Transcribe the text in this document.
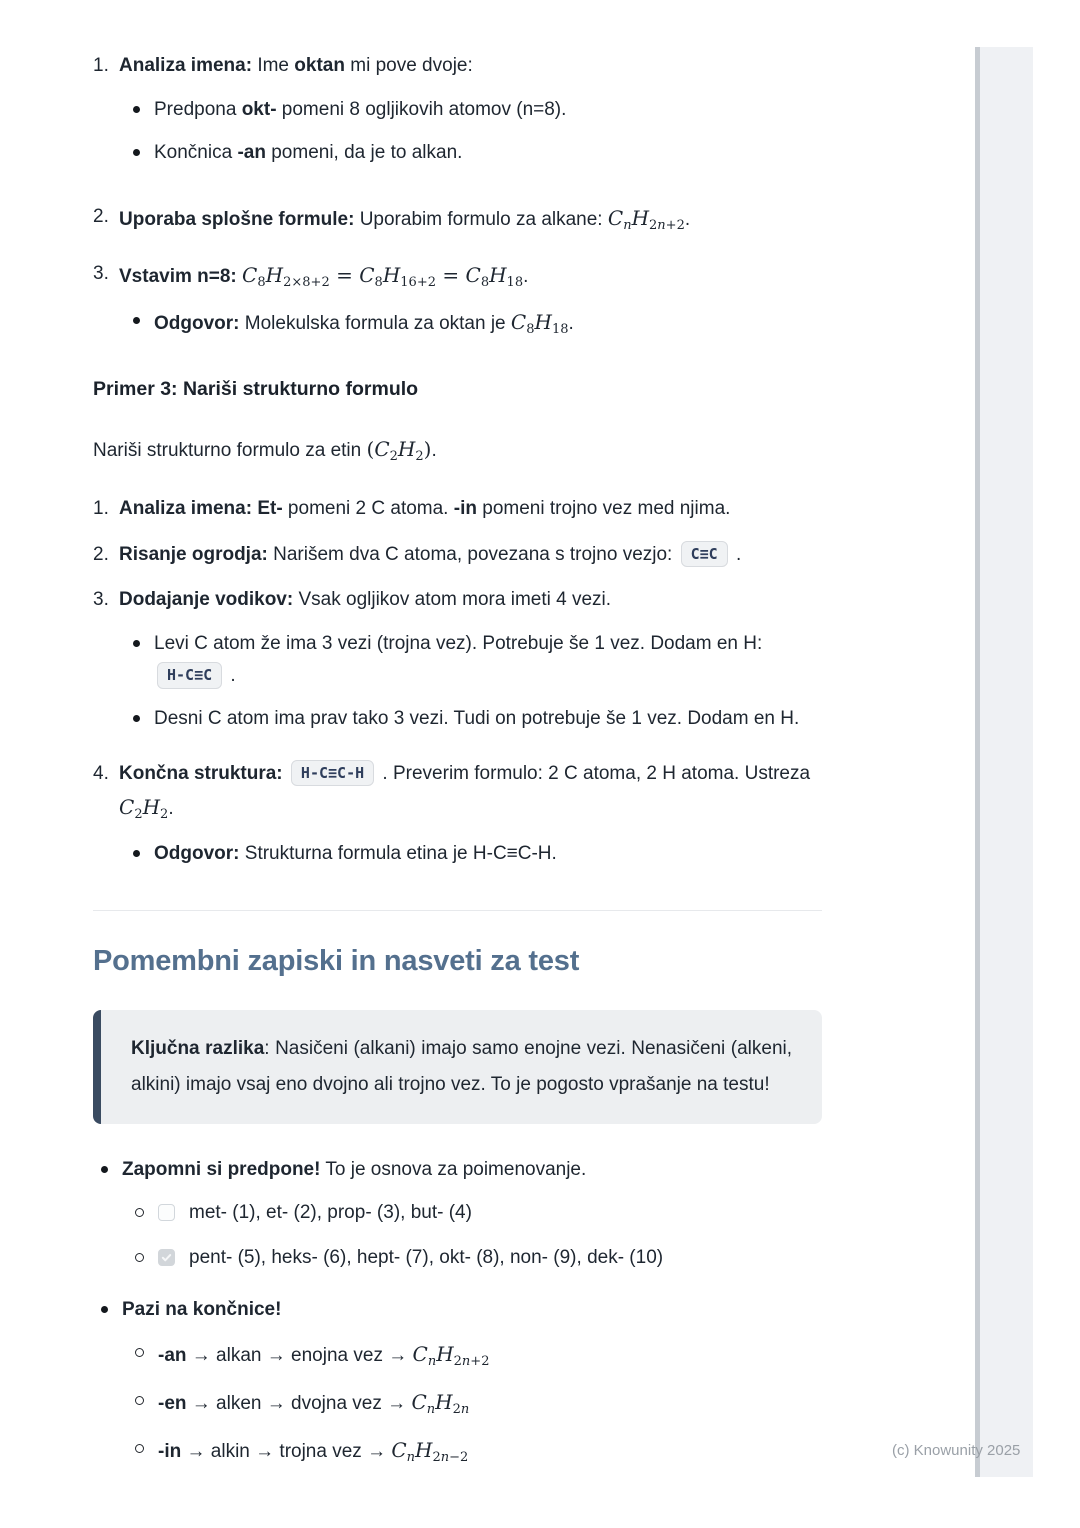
1. Analiza imena: Ime oktan mi pove dvoje:
Predpona okt- pomeni 8 ogljikovih atomov (n=8).
Končnica -an pomeni, da je to alkan.
2. Uporaba splošne formule: Uporabim formulo za alkane: $C_nH_{2n+2}$.
3. Vstavim n=8: $C_8H_{2\times 8+2} = C_8H_{16+2} = C_8H_{18}$.
Odgovor: Molekulska formula za oktan je $C_8H_{18}$.
Primer 3: Nariši strukturno formulo
Nariši strukturno formulo za etin $(C_2H_2)$.
1. Analiza imena: Et- pomeni 2 C atoma. -in pomeni trojno vez med njima.
2. Risanje ogrodja: Narišem dva C atoma, povezana s trojno vezjo: C≡C .
3. Dodajanje vodikov: Vsak ogljikov atom mora imeti 4 vezi.
Levi C atom že ima 3 vezi (trojna vez). Potrebuje še 1 vez. Dodam en H: H-C≡C .
Desni C atom ima prav tako 3 vezi. Tudi on potrebuje še 1 vez. Dodam en H.
4. Končna struktura: H-C≡C-H . Preverim formulo: 2 C atoma, 2 H atoma. Ustreza $C_2H_2$.
Odgovor: Strukturna formula etina je H-C≡C-H.
Pomembni zapiski in nasveti za test
Ključna razlika: Nasičeni (alkani) imajo samo enojne vezi. Nenasičeni (alkeni, alkini) imajo vsaj eno dvojno ali trojno vez. To je pogosto vprašanje na testu!
Zapomni si predpone! To je osnova za poimenovanje.
met- (1), et- (2), prop- (3), but- (4)
pent- (5), heks- (6), hept- (7), okt- (8), non- (9), dek- (10)
Pazi na končnice!
-an → alkan → enojna vez → $C_nH_{2n+2}$
-en → alken → dvojna vez → $C_nH_{2n}$
-in → alkin → trojna vez → $C_nH_{2n-2}$	(c) Knowunity 2025
